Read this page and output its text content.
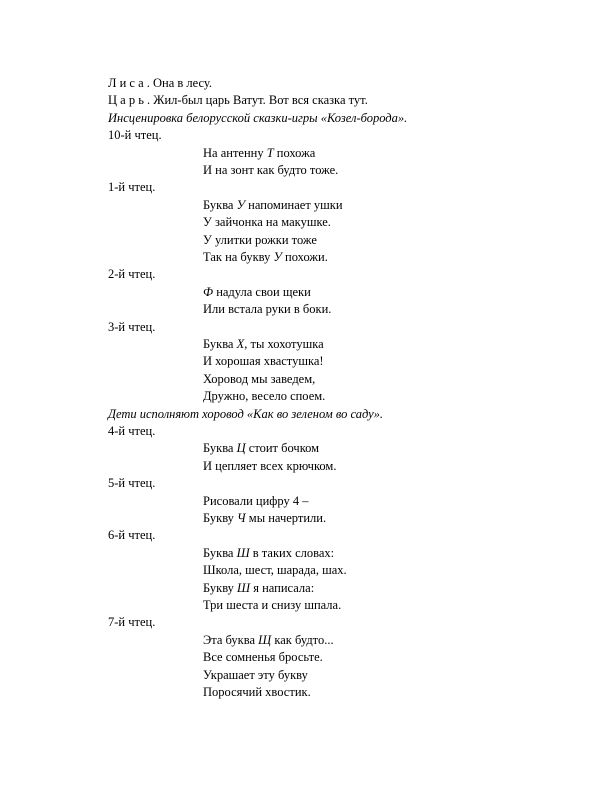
Л и с а . Она в лесу.
Ц а р ь . Жил-был царь Ватут. Вот вся сказка тут.
Инсценировка белорусской сказки-игры «Козел-борода».
10-й чтец.
На антенну Т похожа
И на зонт как будто тоже.
1-й чтец.
Буква У напоминает ушки
У зайчонка на макушке.
У улитки рожки тоже
Так на букву У похожи.
2-й чтец.
Ф надула свои щеки
Или встала руки в боки.
3-й чтец.
Буква Х, ты хохотушка
И хорошая хвастушка!
Хоровод мы заведем,
Дружно, весело споем.
Дети исполняют хоровод «Как во зеленом во саду».
4-й чтец.
Буква Ц стоит бочком
И цепляет всех крючком.
5-й чтец.
Рисовали цифру 4 –
Букву Ч мы начертили.
6-й чтец.
Буква Ш в таких словах:
Школа, шест, шарада, шах.
Букву Ш я написала:
Три шеста и снизу шпала.
7-й чтец.
Эта буква Щ как будто...
Все сомненья бросьте.
Украшает эту букву
Поросячий хвостик.
